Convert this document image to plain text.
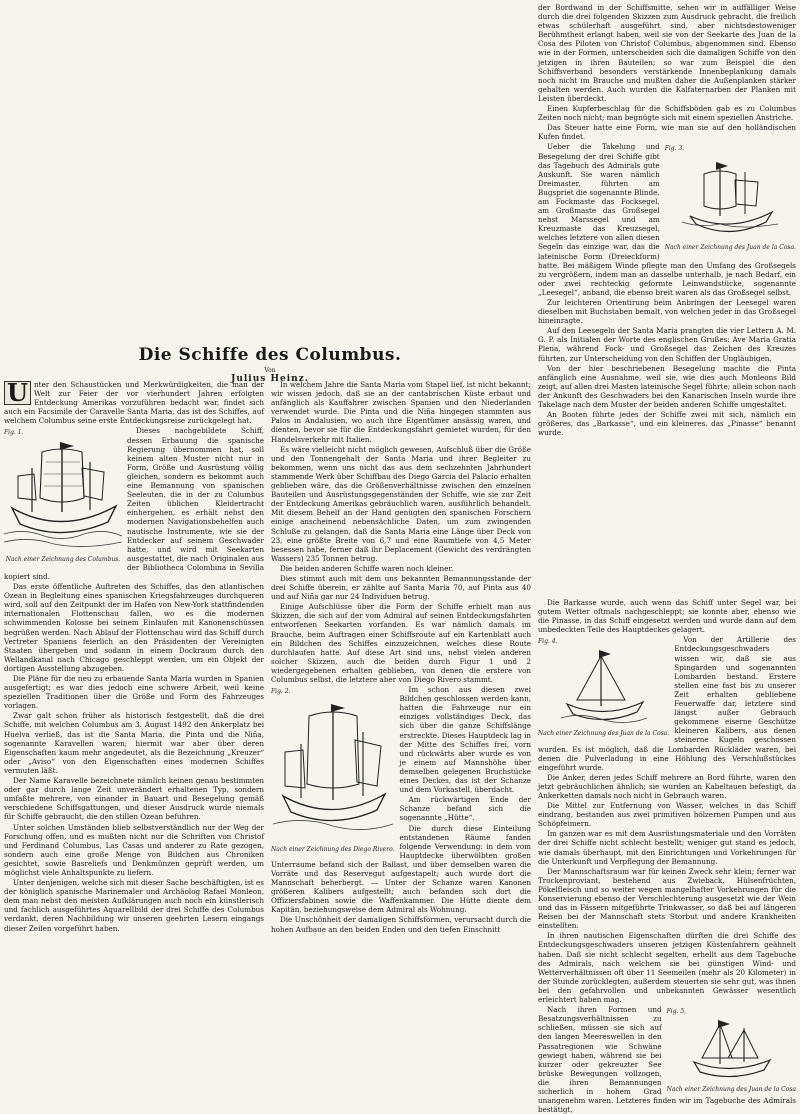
der Bordwand in der Schiffsmitte, sehen wir in auffälliger Weise durch die drei folgenden Skizzen zum Ausdruck gebracht, die freilich etwas schülerhaft ausgeführt sind, aber nichtsdestoweniger Berühmtheit erlangt haben, weil sie von der Seekarte des Juan de la Cosa des Piloten von Christof Columbus, abgenommen sind. Ebenso wie in der Formen, unterscheiden sich die damaligen Schiffe von den jetzigen in ihren Bauteilen; so war zum Beispiel die den Schiffsverband besonders verstärkende Innenbeplankung damals noch nicht im Brauche und mußten daher die Außenplanken stärker gehalten werden. Auch wurden die Kalfaternarben der Planken mit Leisten überdeckt.

Einen Kupferbeschlag für die Schiffsböden gab es zu Columbus Zeiten noch nicht; man begnügte sich mit einem speziellen Anstriche.

Das Steuer hatte eine Form, wie man sie auf den holländischen Kufen findet.

Fig. 3.
Nach einer Zeichnung des Juan de la Cosa.

Ueber die Takelung und Besegelung der drei Schiffe gibt das Tagebuch des Admirals gute Auskunft. Sie waren nämlich Dreimaster, führten am Bugspriet die sogenannte Blinde, am Fockmaste das Focksegel, am Großmaste das Großsegel nebst Marssegel und am Kreuzmaste das Kreuzsegel, welches letztere von allen diesen Segeln das einzige war, das die lateinische Form (Dreieckform) hatte. Bei mäßigem Winde pflegte man den Umfang des Großsegels zu vergrößern, indem man an dasselbe unterhalb, je nach Bedarf, ein oder zwei rechteckig geformte Leinwandstücke, sogenannte „Leesegel“, anband, die ebenso breit waren als das Großsegel selbst.

Zur leichteren Orientirung beim Anbringen der Leesegel waren dieselben mit Buchstaben bemalt, von welchen jeder in das Großsegel hineinragte.

Auf den Leesegeln der Santa Maria prangten die vier Lettern A. M. G. P. als Initialen der Worte des englischen Grußes: Ave Maria Gratia Plena, während Fock- und Großsegel das Zeichen des Kreuzes führten, zur Unterscheidung von den Schiffen der Ungläubigen.

Von der hier beschriebenen Besegelung machte die Pinta anfänglich eine Ausnahme, weil sie, wie dies auch Monleons Bild zeigt, auf allen drei Masten lateinische Segel führte; allein schon nach der Ankunft des Geschwaders bei den Kanarischen Inseln wurde ihre Takelage nach dem Muster der beiden anderen Schiffe umgestaltet.

An Booten führte jedes der Schiffe zwei mit sich, nämlich ein größeres, das „Barkasse“, und ein kleineres, das „Pinasse“ benannt wurde.

Die Schiffe des Columbus.
Von
Julius Heinz.

U nter den Schaustücken und Merkwürdigkeiten, die man der Welt zur Feier der vor vierhundert Jahren erfolgten Entdeckung Amerikas vorzuführen bedacht war, findet sich auch ein Facsimile der Caravelle Santa Maria, das ist des Schiffes, auf welchem Columbus seine erste Entdeckungsreise zurückgelegt hat.

Fig. 1.
Nach einer Zeichnung des Columbus.

Dieses nachgebildete Schiff, dessen Erbauung die spanische Regierung übernommen hat, soll keinem alten Muster nicht nur in Form, Größe und Ausrüstung völlig gleichen, sondern es bekommt auch eine Bemannung von spanischen Seeleuten, die in der zu Columbus Zeiten üblichen Kleidertracht einhergehen, es erhält nebst den modernen Navigationsbehelfen auch nautische Instrumente, wie sie der Entdecker auf seinem Geschwader hatte, und wird mit Seekarten ausgestattet, die nach Originalen aus der Bibliotheca Colombina in Sevilla kopiert sind.

Das erste öffentliche Auftreten des Schiffes, das den atlantischen Ozean in Begleitung eines spanischen Kriegsfahrzeuges durchqueren wird, soll auf den Zeitpunkt der im Hafen von New-York stattfindenden internationalen Flottenschau fallen, wo es die modernen schwimmenden Kolosse bei seinem Einlaufen mit Kanonenschüssen begrüßen werden. Nach Ablauf der Flottenschau wird das Schiff durch Vertreter Spaniens feierlich an den Präsidenten der Vereinigten Staaten übergeben und sodann in einem Dockraum durch den Wellandkanal nach Chicago geschleppt werden, um ein Objekt der dortigen Ausstellung abzugeben.

Die Pläne für die neu zu erbauende Santa Maria wurden in Spanien ausgefertigt; es war dies jedoch eine schwere Arbeit, weil keine speziellen Traditionen über die Größe und Form des Fahrzeuges vorlagen.

Zwar galt schon früher als historisch festgestellt, daß die drei Schiffe, mit welchen Columbus am 3. August 1492 den Ankerplatz bei Huelva verließ, das ist die Santa Maria, die Pinta und die Niña, sogenannte Karavellen waren; hiermit war aber über deren Eigenschaften kaum mehr angedeutet, als die Bezeichnung „Kreuzer“ oder „Aviso“ von den Eigenschaften eines modernen Schiffes vermuten läßt.

Der Name Karavelle bezeichnete nämlich keinen genau bestimmten oder gar durch lange Zeit unverändert erhaltenen Typ, sondern umfaßte mehrere, von einander in Bauart und Besegelung gemäß verschiedene Schiffsgattungen, und dieser Ausdruck wurde niemals für Schiffe gebraucht, die den stillen Ozean befuhren.

Unter solchen Umständen blieb selbstverständlich nur der Weg der Forschung offen, und es mußten nicht nur die Schriften von Christof und Ferdinand Columbus, Las Casas und anderer zu Rate gezogen, sondern auch eine große Menge von Bildchen aus Chroniken gesichtet, sowie Basreliefs und Denkmünzen geprüft werden, um möglichst viele Anhaltspunkte zu liefern.

Unter denjenigen, welche sich mit dieser Sache beschäftigten, ist es der königlich spanische Marinemaler und Archäolog Rafael Monleon, dem man nebst den meisten Aufklärungen auch noch ein künstlerisch und fachlich ausgeführtes Aquarellbild der drei Schiffe des Columbus verdankt, deren Nachbildung wir unseren geehrten Lesern eingangs dieser Zeilen vorgeführt haben.

In welchem Jahre die Santa Maria vom Stapel lief, ist nicht bekannt; wir wissen jedoch, daß sie an der cantabrischen Küste erbaut und anfänglich als Kauffahrer zwischen Spanien und den Niederlanden verwendet wurde. Die Pinta und die Niña hingegen stammten aus Palos in Andalusien, wo auch ihre Eigentümer ansässig waren, und dienten, bevor sie für die Entdeckungsfahrt gemietet wurden, für den Handelsverkehr mit Italien.

Es wäre vielleicht nicht möglich gewesen, Aufschluß über die Größe und den Tonnengehalt der Santa Maria und ihrer Begleiter zu bekommen, wenn uns nicht das aus dem sechzehnten Jahrhundert stammende Werk über Schiffbau des Diego Garcia del Palacio erhalten geblieben wäre, das die Größenverhältnisse zwischen den einzelnen Bauteilen und Ausrüstungsgegenständen der Schiffe, wie sie zur Zeit der Entdeckung Amerikas gebräuchlich waren, ausführlich behandelt. Mit diesem Behelf an der Hand genügten den spanischen Forschern einige anscheinend nebensächliche Daten, um zum zwingenden Schluße zu gelangen, daß die Santa Maria eine Länge über Deck von 23, eine größte Breite von 6,7 und eine Raumtiefe von 4,5 Meter besessen habe, ferner daß ihr Deplacement (Gewicht des verdrängten Wassers) 235 Tonnen betrug.

Die beiden anderen Schiffe waren noch kleiner.

Dies stimmt auch mit dem uns bekannten Bemannungsstande der drei Schiffe überein, er zählte auf Santa Maria 70, auf Pinta aus 40 und auf Niña gar nur 24 Individuen betrug.

Einige Aufschlüsse über die Form der Schiffe erhielt man aus Skizzen, die sich auf der vom Admiral auf seinen Entdeckungsfahrten entworfenen Seekarten vorfanden. Es war nämlich damals im Brauche, beim Auftragen einer Schiffsroute auf ein Kartenblatt auch ein Bildchen des Schiffes einzuzeichnen, welches diese Route durchlaufen hatte. Auf diese Art sind uns, nebst vielen anderen solcher Skizzen, auch die beiden durch Figur 1 und 2 wiedergegebenen erhalten geblieben, von denen die erstere von Columbus selbst, die letztere aber von Diego Rivero stammt.

Fig. 2.
Nach einer Zeichnung des Diego Rivero.

Im schon aus diesen zwei Bildchen geschlossen werden kann, hatten die Fahrzeuge nur ein einziges vollständiges Deck, das sich über die ganze Schiffslänge erstreckte. Dieses Hauptdeck lag in der Mitte des Schiffes frei, vorn und rückwärts aber wurde es von je einem auf Mannshöhe über demselben gelegenen Bruchstücke eines Deckes, das ist der Schanze und dem Vorkastell, überdacht.

Am rückwärtigen Ende der Schanze befand sich die sogenannte „Hütte“.

Die durch diese Einteilung entstandenen Räume fanden folgende Verwendung: in dem vom Hauptdecke überwölbten großen Unterraume befand sich der Ballast, und über demselben waren die Vorräte und das Reservegut aufgestapelt; auch wurde dort die Mannschaft beherbergt. — Unter der Schanze waren Kanonen größeren Kalibers aufgestellt; auch befanden sich dort die Offiziersfabinen sowie die Waffenkammer. Die Hütte diente dem Kapitän, beziehungsweise dem Admiral als Wohnung.

Die Unschönheit der damaligen Schiffsformen, verursacht durch die hohen Aufbaue an den beiden Enden und den tiefen Einschnitt

Die Barkasse wurde, auch wenn das Schiff unter Segel war, bei gutem Wetter oftmals nachgeschleppt; sie konnte aber, ebenso wie die Pinasse, in das Schiff eingesetzt werden und wurde dann auf dem unbedeckten Teile des Hauptdeckes gelagert.

Fig. 4.
Nach einer Zeichnung des Juan de la Cosa.

Von der Artillerie des Entdeckungsgeschwaders wissen wir, daß sie aus Spingarden und sogenannten Lombarden bestand. Erstere stellen eine fast bis zu unserer Zeit erhalten gebliebene Feuerwaffe dar, letztere sind längst außer Gebrauch gekommene eiserne Geschütze kleineren Kalibers, aus denen steinerne Kugeln geschossen wurden. Es ist möglich, daß die Lombarden Rückläder waren, bei denen die Pulverladung in eine Höhlung des Verschlußstückes eingeführt wurde.

Die Anker, deren jedes Schiff mehrere an Bord führte, waren den jetzt gebräuchlichen ähnlich; sie wurden an Kabeltauen befestigt, da Ankerketten damals noch nicht in Gebrauch waren.

Die Mittel zur Entfernung von Wasser, welches in das Schiff eindrang, bestanden aus zwei primitiven hölzernen Pumpen und aus Schöpfeimern.

Im ganzen war es mit dem Ausrüstungsmateriale und den Vorräten der drei Schiffe nicht schlecht bestellt; weniger gut stand es jedoch, wie damals überhaupt, mit den Einrichtungen und Vorkehrungen für die Unterkunft und Verpflegung der Bemannung.

Der Mannschaftsraum war für keinen Zweck sehr klein; ferner war Trockenproviant, bestehend aus Zwieback, Hülsenfrüchten, Pökelfleisch und so weiter wegen mangelhafter Vorkehrungen für die Konservierung ebenso der Verschlechterung ausgesetzt wie der Wein und das in Fässern mitgeführte Trinkwasser, so daß bei auf längeren Reisen bei der Mannschaft stets Storbut und andere Krankheiten einstellten.

In ihren nautischen Eigenschaften dürften die drei Schiffe des Entdeckungsgeschwaders unseren jetzigen Küstenfahrern geähnelt haben. Daß sie nicht schlecht segelten, erhellt aus dem Tagebuche des Admirals, nach welchem sie bei günstigen Wind- und Wetterverhältnissen oft über 11 Seemeilen (mehr als 20 Kilometer) in der Stunde zurücklegten, außerdem steuerten sie sehr gut, was ihnen bei den gefahrvollen und unbekannten Gewässer wesentlich erleichtert haben mag.

Fig. 5.
Nach einer Zeichnung des Juan de la Cosa

Nach ihren Formen und Besatzungsverhältnissen zu schließen, müssen sie sich auf den langen Meereswellen in den Passatregionen wie Schwäne gewiegt haben, während sie bei kurzer oder gekreuzter See brüske Bewegungen vollzogen, die ihren Bemannungen sicherlich in hohem Grad unangenehm waren. Letzteres finden wir im Tagebuche des Admirals bestätigt,
